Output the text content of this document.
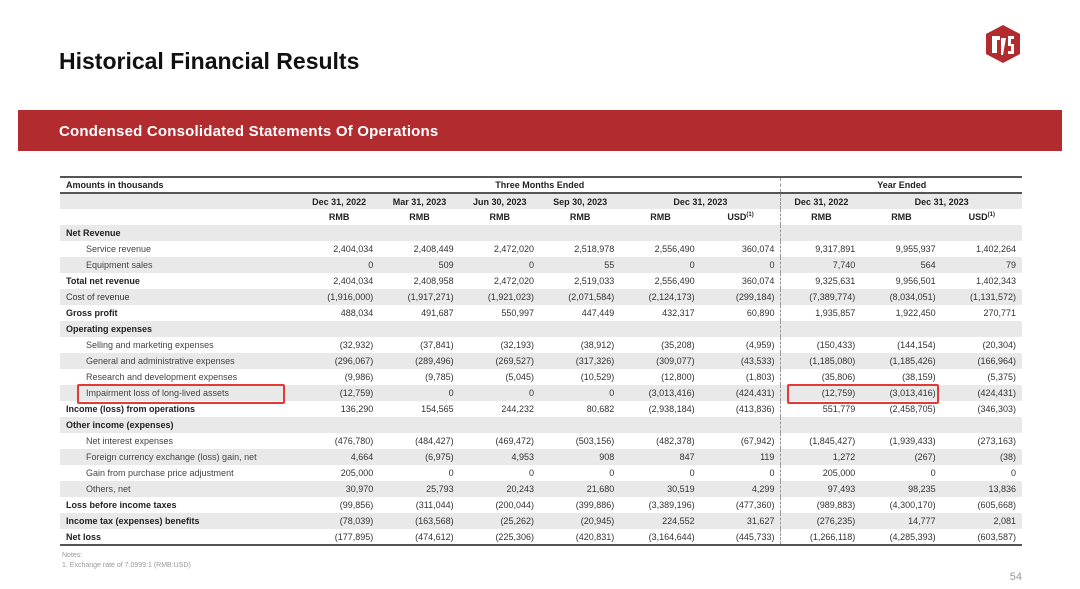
Historical Financial Results
Condensed Consolidated Statements Of Operations
Amounts in thousands	Three Months Ended						Year Ended		
	Dec 31, 2022	Mar 31, 2023	Jun 30, 2023	Sep 30, 2023	Dec 31, 2023		Dec 31, 2022	Dec 31, 2023	
	RMB	RMB	RMB	RMB	RMB	USD$^{(1)}$	RMB	RMB	USD$^{(1)}$
Net Revenue									
Service revenue	2,404,034	2,408,449	2,472,020	2,518,978	2,556,490	360,074	9,317,891	9,955,937	1,402,264
Equipment sales	0	509	0	55	0	0	7,740	564	79
Total net revenue	2,404,034	2,408,958	2,472,020	2,519,033	2,556,490	360,074	9,325,631	9,956,501	1,402,343
Cost of revenue	(1,916,000)	(1,917,271)	(1,921,023)	(2,071,584)	(2,124,173)	(299,184)	(7,389,774)	(8,034,051)	(1,131,572)
Gross profit	488,034	491,687	550,997	447,449	432,317	60,890	1,935,857	1,922,450	270,771
Operating expenses									
Selling and marketing expenses	(32,932)	(37,841)	(32,193)	(38,912)	(35,208)	(4,959)	(150,433)	(144,154)	(20,304)
General and administrative expenses	(296,067)	(289,496)	(269,527)	(317,326)	(309,077)	(43,533)	(1,185,080)	(1,185,426)	(166,964)
Research and development expenses	(9,986)	(9,785)	(5,045)	(10,529)	(12,800)	(1,803)	(35,806)	(38,159)	(5,375)
Impairment loss of long-lived assets	(12,759)	0	0	0	(3,013,416)	(424,431)	(12,759)	(3,013,416)	(424,431)
Income (loss) from operations	136,290	154,565	244,232	80,682	(2,938,184)	(413,836)	551,779	(2,458,705)	(346,303)
Other income (expenses)									
Net interest expenses	(476,780)	(484,427)	(469,472)	(503,156)	(482,378)	(67,942)	(1,845,427)	(1,939,433)	(273,163)
Foreign currency exchange (loss) gain, net	4,664	(6,975)	4,953	908	847	119	1,272	(267)	(38)
Gain from purchase price adjustment	205,000	0	0	0	0	0	205,000	0	0
Others, net	30,970	25,793	20,243	21,680	30,519	4,299	97,493	98,235	13,836
Loss before income taxes	(99,856)	(311,044)	(200,044)	(399,886)	(3,389,196)	(477,360)	(989,883)	(4,300,170)	(605,668)
Income tax (expenses) benefits	(78,039)	(163,568)	(25,262)	(20,945)	224,552	31,627	(276,235)	14,777	2,081
Net loss	(177,895)	(474,612)	(225,306)	(420,831)	(3,164,644)	(445,733)	(1,266,118)	(4,285,393)	(603,587)
Notes:
1. Exchange rate of 7.0999:1 (RMB:USD)
54
